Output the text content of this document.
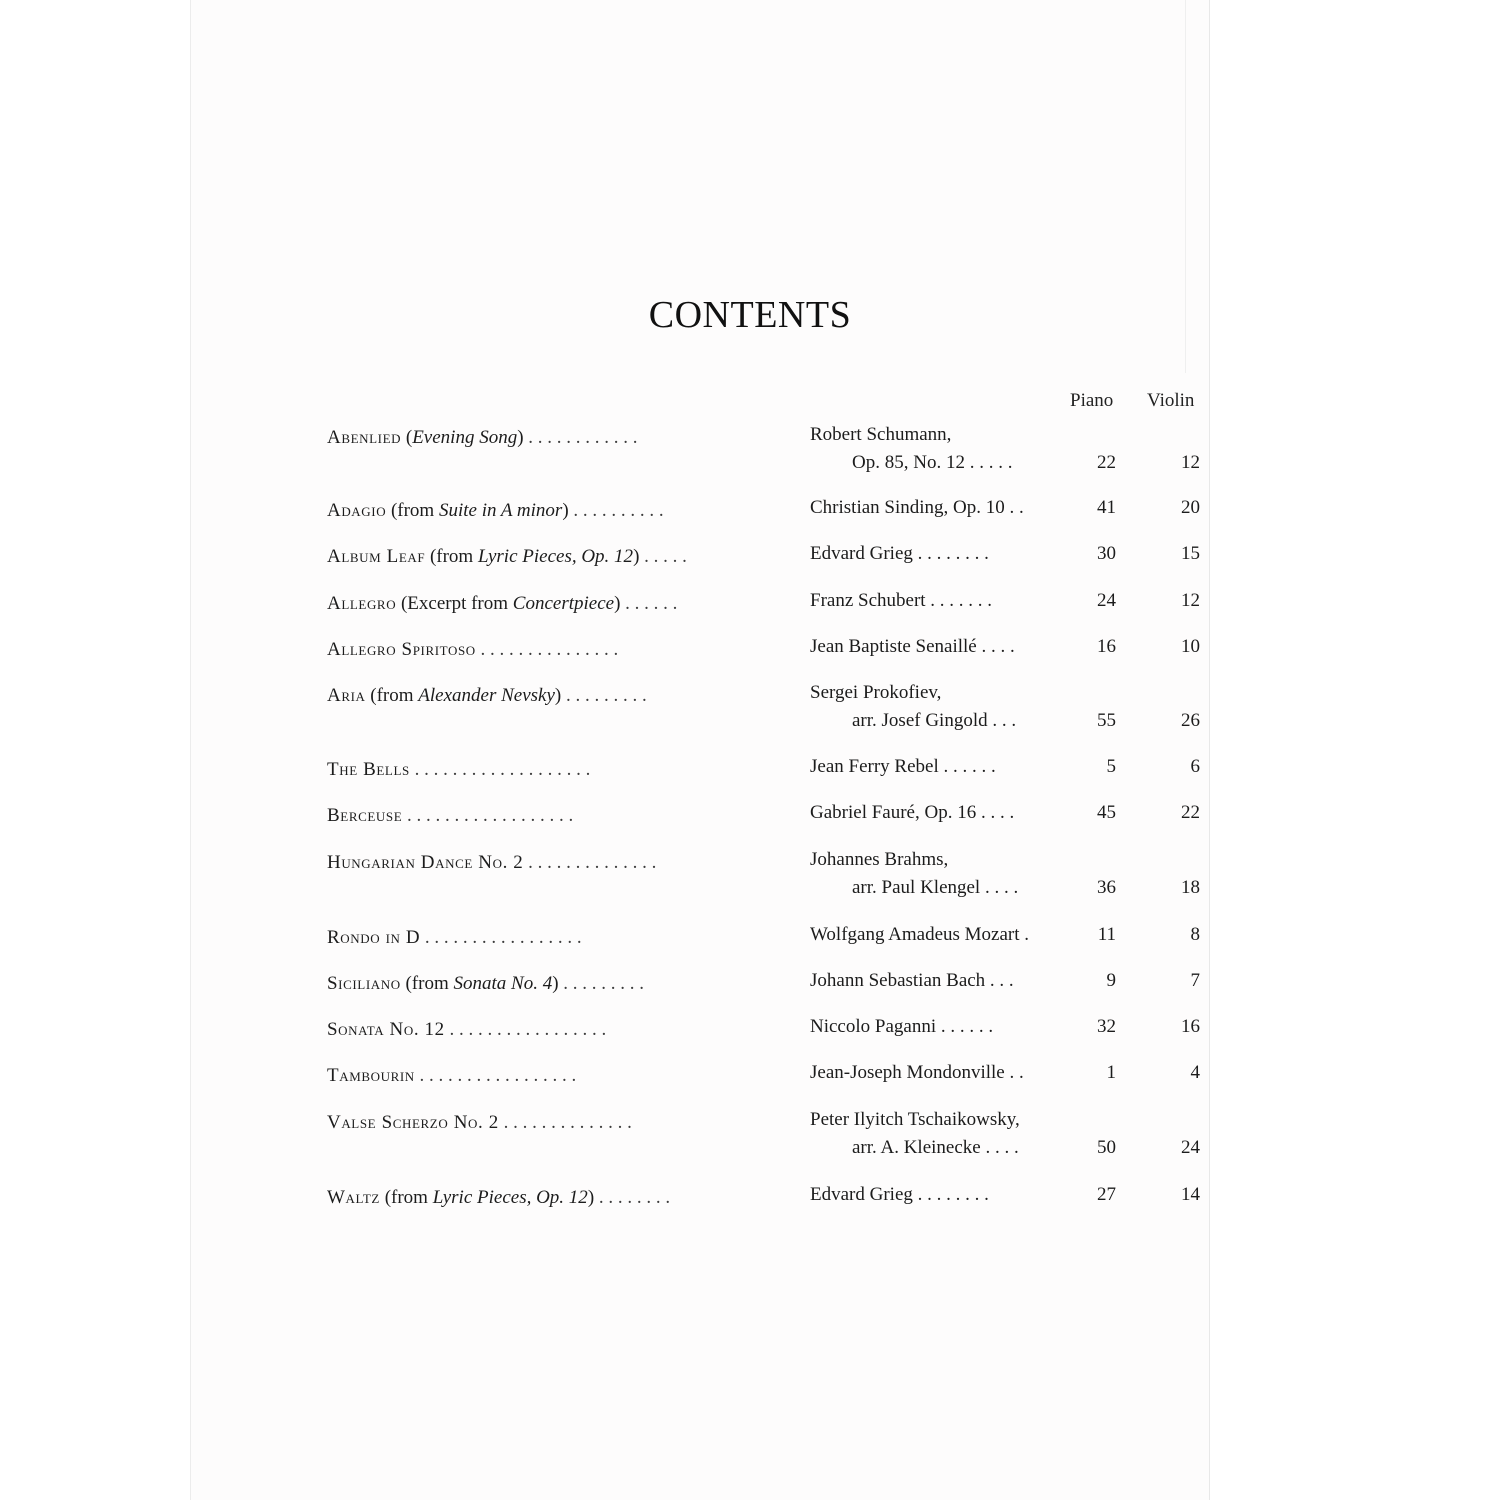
CONTENTS
Piano Violin
Abenlied (Evening Song) . . . . . . . . . . . .	Robert Schumann,
Op. 85, No. 12 . . . . .	22	12
Adagio (from Suite in A minor) . . . . . . . . . .	Christian Sinding, Op. 10 . .	41	20
Album Leaf (from Lyric Pieces, Op. 12) . . . . .	Edvard Grieg . . . . . . . .	30	15
Allegro (Excerpt from Concertpiece) . . . . . .	Franz Schubert . . . . . . .	24	12
Allegro Spiritoso . . . . . . . . . . . . . . .	Jean Baptiste Senaillé . . . .	16	10
Aria (from Alexander Nevsky) . . . . . . . . .	Sergei Prokofiev,
arr. Josef Gingold . . .	55	26
The Bells . . . . . . . . . . . . . . . . . . .	Jean Ferry Rebel . . . . . .	5	6
Berceuse . . . . . . . . . . . . . . . . . .	Gabriel Fauré, Op. 16 . . . .	45	22
Hungarian Dance No. 2 . . . . . . . . . . . . . .	Johannes Brahms,
arr. Paul Klengel . . . .	36	18
Rondo in D . . . . . . . . . . . . . . . . .	Wolfgang Amadeus Mozart .	11	8
Siciliano (from Sonata No. 4) . . . . . . . . .	Johann Sebastian Bach . . .	9	7
Sonata No. 12 . . . . . . . . . . . . . . . . .	Niccolo Paganni . . . . . .	32	16
Tambourin . . . . . . . . . . . . . . . . .	Jean-Joseph Mondonville . .	1	4
Valse Scherzo No. 2 . . . . . . . . . . . . . .	Peter Ilyitch Tschaikowsky,
arr. A. Kleinecke . . . .	50	24
Waltz (from Lyric Pieces, Op. 12) . . . . . . . .	Edvard Grieg . . . . . . . .	27	14
